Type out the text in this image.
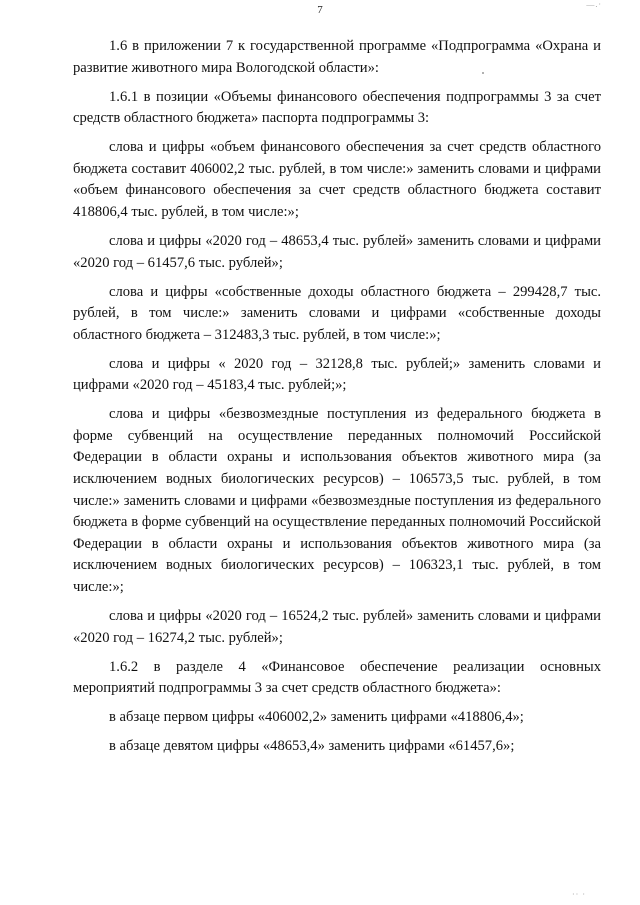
—.·
7

1.6 в приложении 7 к государственной программе «Подпрограмма «Охрана и развитие животного мира Вологодской области»:

1.6.1 в позиции «Объемы финансового обеспечения подпрограммы 3 за счет средств областного бюджета» паспорта подпрограммы 3:

слова и цифры «объем финансового обеспечения за счет средств областного бюджета составит 406002,2 тыс. рублей, в том числе:» заменить словами и цифрами «объем финансового обеспечения за счет средств областного бюджета составит 418806,4 тыс. рублей, в том числе:»;

слова и цифры «2020 год – 48653,4 тыс. рублей» заменить словами и цифрами «2020 год – 61457,6 тыс. рублей»;

слова и цифры «собственные доходы областного бюджета – 299428,7 тыс. рублей, в том числе:» заменить словами и цифрами «собственные доходы областного бюджета – 312483,3 тыс. рублей, в том числе:»;

слова и цифры « 2020 год – 32128,8 тыс. рублей;» заменить словами и цифрами «2020 год – 45183,4 тыс. рублей;»;

слова и цифры «безвозмездные поступления из федерального бюджета в форме субвенций на осуществление переданных полномочий Российской Федерации в области охраны и использования объектов животного мира (за исключением водных биологических ресурсов) – 106573,5 тыс. рублей, в том числе:» заменить словами и цифрами «безвозмездные поступления из федерального бюджета в форме субвенций на осуществление переданных полномочий Российской Федерации в области охраны и использования объектов животного мира (за исключением водных биологических ресурсов) – 106323,1 тыс. рублей, в том числе:»;

слова и цифры «2020 год – 16524,2 тыс. рублей» заменить словами и цифрами «2020 год – 16274,2 тыс. рублей»;

1.6.2 в разделе 4 «Финансовое обеспечение реализации основных мероприятий подпрограммы 3 за счет средств областного бюджета»:

в абзаце первом цифры «406002,2» заменить цифрами «418806,4»;

в абзаце девятом цифры «48653,4» заменить цифрами «61457,6»;

·· ·
